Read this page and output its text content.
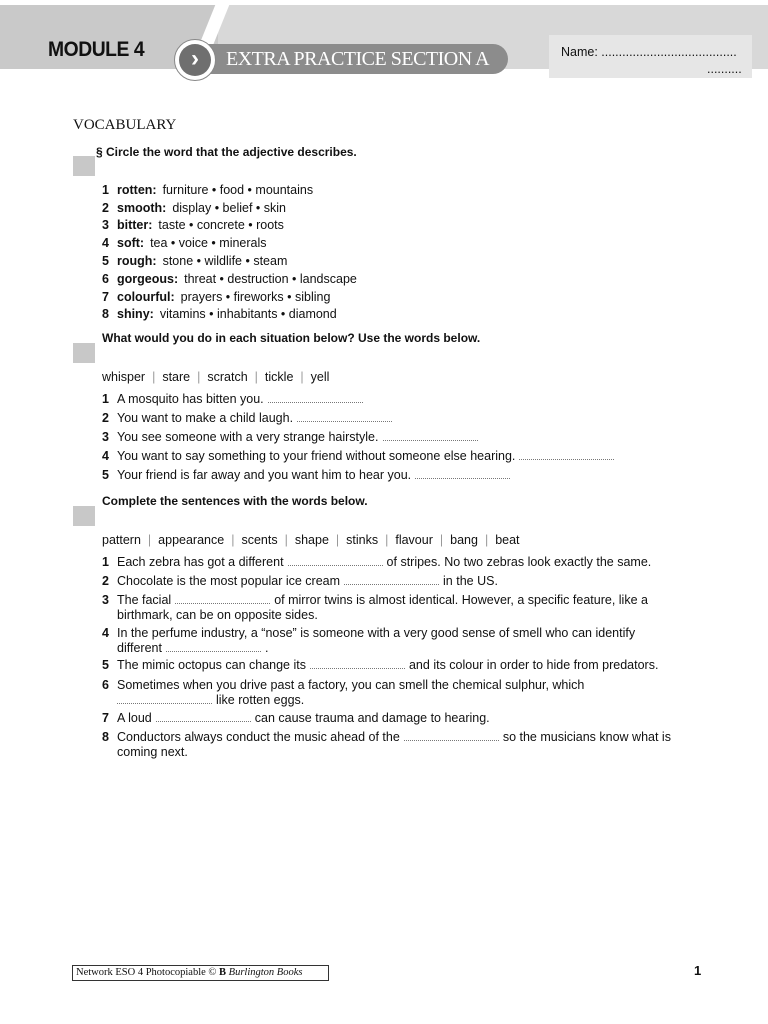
MODULE 4	›	EXTRA PRACTICE SECTION A	Name: .......................................
..........
VOCABULARY
§ Circle the word that the adjective describes.
1 rotten: furniture • food • mountains
2 smooth: display • belief • skin
3 bitter: taste • concrete • roots
4 soft: tea • voice • minerals
5 rough: stone • wildlife • steam
6 gorgeous: threat • destruction • landscape
7 colourful: prayers • fireworks • sibling
8 shiny: vitamins • inhabitants • diamond
What would you do in each situation below? Use the words below.
whisper | stare | scratch | tickle | yell
1 A mosquito has bitten you.
2 You want to make a child laugh.
3 You see someone with a very strange hairstyle.
4 You want to say something to your friend without someone else hearing.
5 Your friend is far away and you want him to hear you.
Complete the sentences with the words below.
pattern | appearance | scents | shape | stinks | flavour | bang | beat
1 Each zebra has got a different	of stripes. No two zebras look exactly the same.
2 Chocolate is the most popular ice cream	in the US.
3 The facial	of mirror twins is almost identical. However, a specific feature, like a
birthmark, can be on opposite sides.
4 In the perfume industry, a “nose” is someone with a very good sense of smell who can identify
different	.
5 The mimic octopus can change its	and its colour in order to hide from predators.
6 Sometimes when you drive past a factory, you can smell the chemical sulphur, which
like rotten eggs.
7 A loud	can cause trauma and damage to hearing.
8 Conductors always conduct the music ahead of the	so the musicians know what is
coming next.
Network ESO 4 Photocopiable © B Burlington Books	1
